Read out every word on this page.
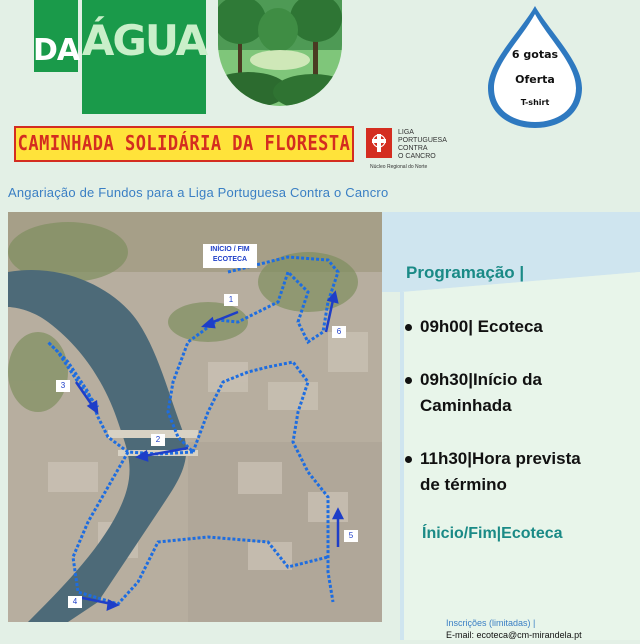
DA ÁGUA	6 gotas
Oferta
T-shirt
CAMINHADA SOLIDÁRIA DA FLORESTA	LIGA
PORTUGUESA
CONTRA
O CANCRO
Núcleo Regional do Norte
Angariação de Fundos para a Liga Portuguesa Contra o Cancro
INÍCIO / FIM
ECOTECA
1
2
3
4
5
6
Programação |
09h00| Ecoteca
09h30|Início da
Caminhada
11h30|Hora prevista
de término
Ínicio/Fim|Ecoteca
Inscrições (limitadas) |
E-mail: ecoteca@cm-mirandela.pt
